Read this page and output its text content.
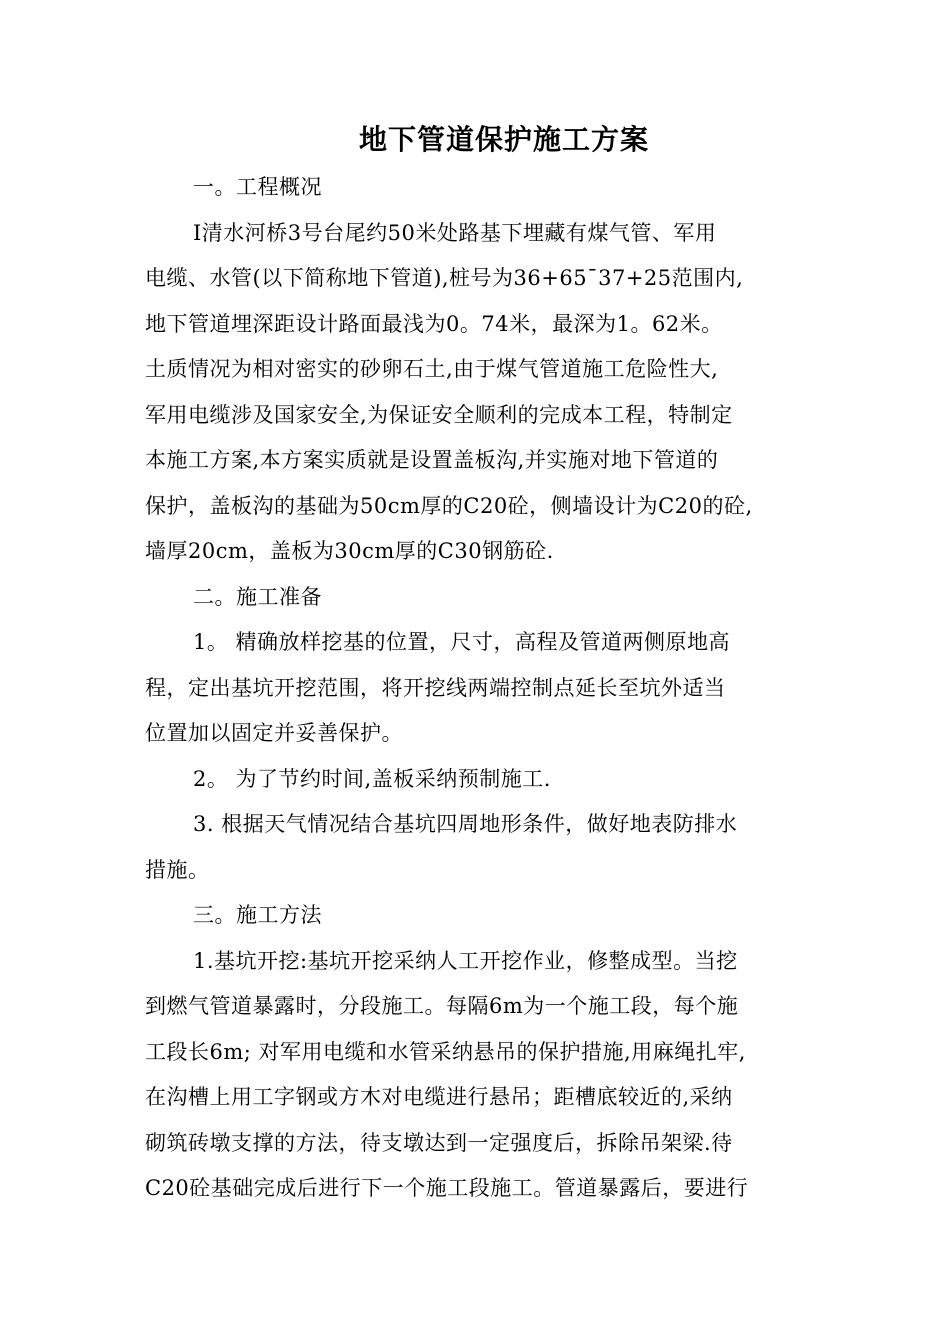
地下管道保护施工方案
一。工程概况
I清水河桥3号台尾约50米处路基下埋藏有煤气管、军用
电缆、水管(以下简称地下管道),桩号为36+65¯37+25范围内,
地下管道埋深距设计路面最浅为0。74米，最深为1。62米。
土质情况为相对密实的砂卵石土,由于煤气管道施工危险性大,
军用电缆涉及国家安全,为保证安全顺利的完成本工程，特制定
本施工方案,本方案实质就是设置盖板沟,并实施对地下管道的
保护，盖板沟的基础为50cm厚的C20砼，侧墙设计为C20的砼,
墙厚20cm，盖板为30cm厚的C30钢筋砼.
二。施工准备
1。 精确放样挖基的位置，尺寸，高程及管道两侧原地高
程，定出基坑开挖范围，将开挖线两端控制点延长至坑外适当
位置加以固定并妥善保护。
2。 为了节约时间,盖板采纳预制施工.
3. 根据天气情况结合基坑四周地形条件，做好地表防排水
措施。
三。施工方法
1.基坑开挖:基坑开挖采纳人工开挖作业，修整成型。当挖
到燃气管道暴露时，分段施工。每隔6m为一个施工段，每个施
工段长6m; 对军用电缆和水管采纳悬吊的保护措施,用麻绳扎牢,
在沟槽上用工字钢或方木对电缆进行悬吊；距槽底较近的,采纳
砌筑砖墩支撑的方法，待支墩达到一定强度后，拆除吊架梁.待
C20砼基础完成后进行下一个施工段施工。管道暴露后，要进行
